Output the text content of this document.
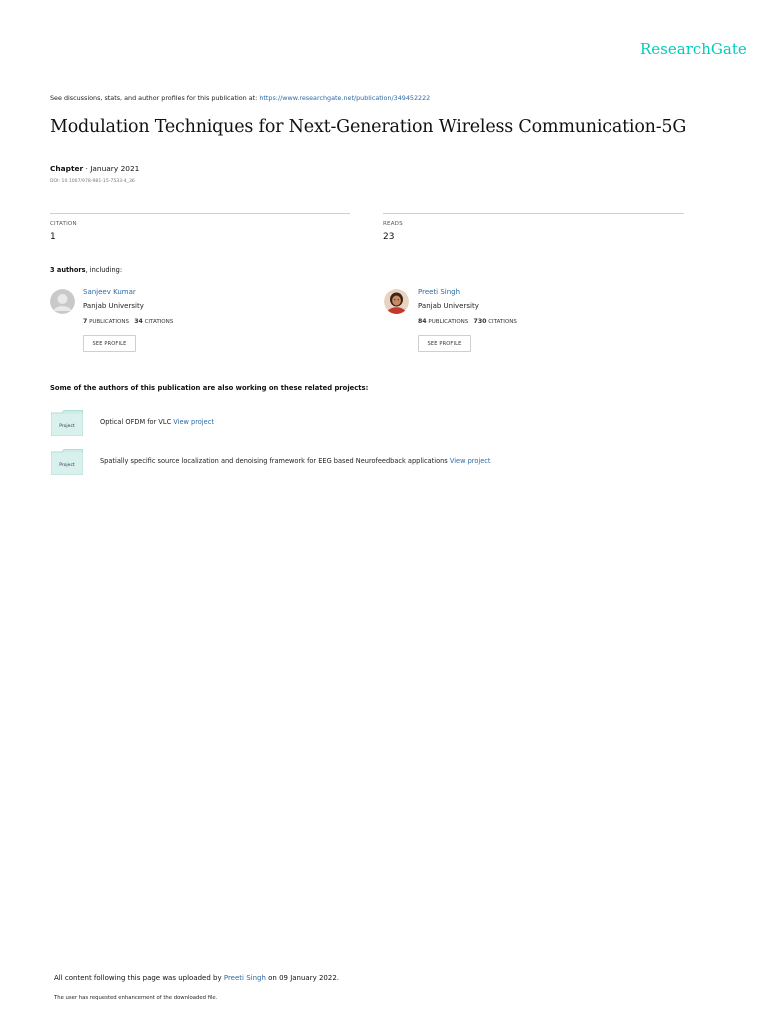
ResearchGate
See discussions, stats, and author profiles for this publication at: https://www.researchgate.net/publication/349452222
Modulation Techniques for Next-Generation Wireless Communication-5G
Chapter · January 2021
DOI: 10.1007/978-981-15-7533-4_36
CITATION
1
READS
23
3 authors, including:
Sanjeev Kumar
Panjab University
7 PUBLICATIONS 34 CITATIONS
SEE PROFILE
Preeti Singh
Panjab University
84 PUBLICATIONS 730 CITATIONS
SEE PROFILE
Some of the authors of this publication are also working on these related projects:
Project
Optical OFDM for VLC View project
Project
Spatially specific source localization and denoising framework for EEG based Neurofeedback applications View project
All content following this page was uploaded by Preeti Singh on 09 January 2022.
The user has requested enhancement of the downloaded file.
